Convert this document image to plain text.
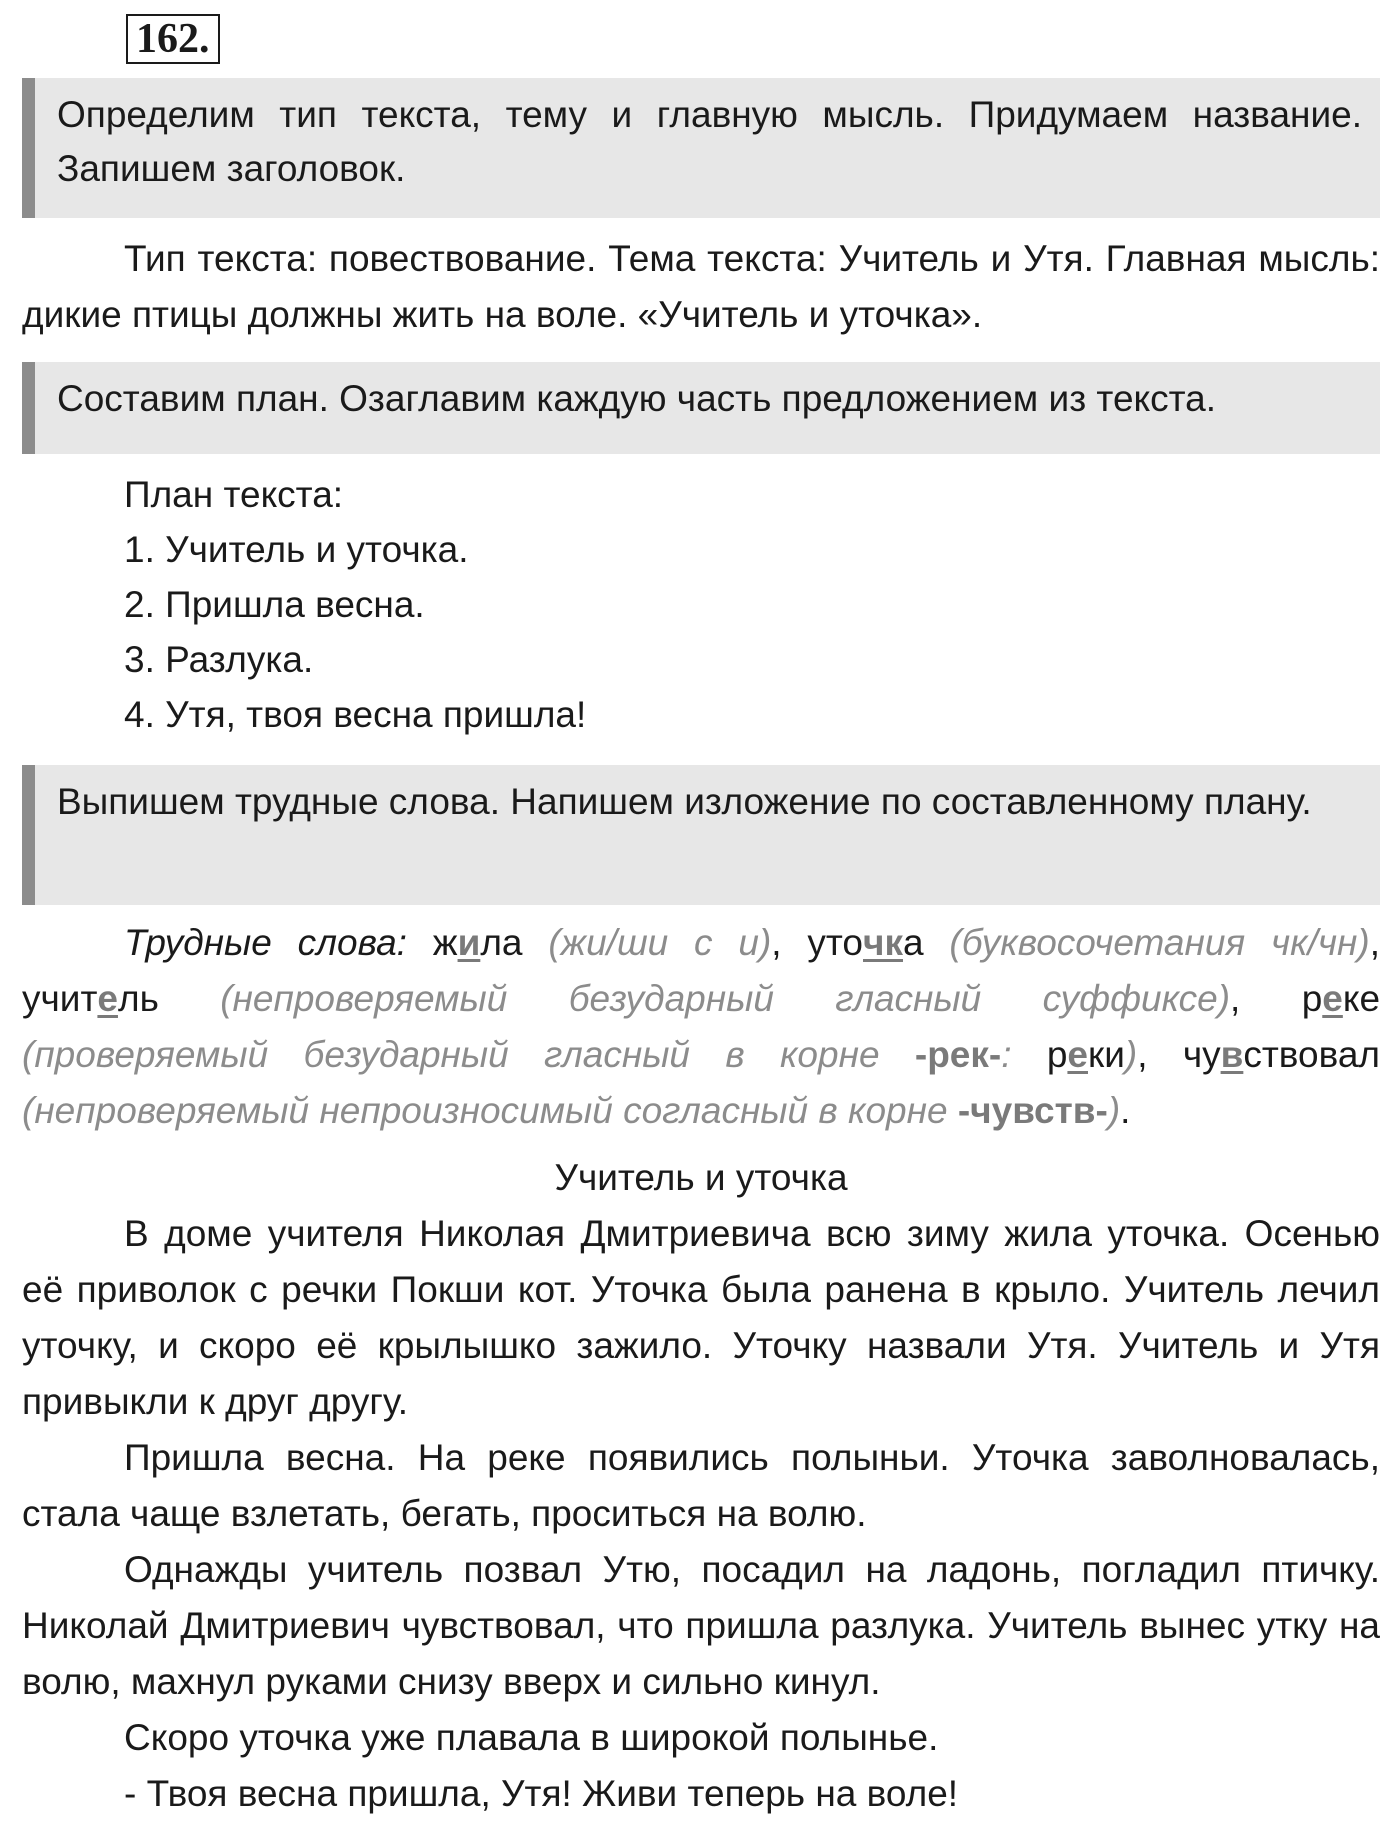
162.
Определим тип текста, тему и главную мысль. Придумаем название. Запишем заголовок.
Тип текста: повествование. Тема текста: Учитель и Утя. Главная мысль: дикие птицы должны жить на воле. «Учитель и уточка».
Составим план. Озаглавим каждую часть предложением из текста.
План текста:
1. Учитель и уточка.
2. Пришла весна.
3. Разлука.
4. Утя, твоя весна пришла!
Выпишем трудные слова. Напишем изложение по составленному плану.
Трудные слова: жила (жи/ши с и), уточка (буквосочетания чк/чн), учитель (непроверяемый безударный гласный суффиксе), реке (проверяемый безударный гласный в корне -рек-: реки), чувствовал (непроверяемый непроизносимый согласный в корне -чувств-).
Учитель и уточка
В доме учителя Николая Дмитриевича всю зиму жила уточка. Осенью её приволок с речки Покши кот. Уточка была ранена в крыло. Учитель лечил уточку, и скоро её крылышко зажило. Уточку назвали Утя. Учитель и Утя привыкли к друг другу.
Пришла весна. На реке появились полыньи. Уточка заволновалась, стала чаще взлетать, бегать, проситься на волю.
Однажды учитель позвал Утю, посадил на ладонь, погладил птичку. Николай Дмитриевич чувствовал, что пришла разлука. Учитель вынес утку на волю, махнул руками снизу вверх и сильно кинул.
Скоро уточка уже плавала в широкой полынье.
- Твоя весна пришла, Утя! Живи теперь на воле!
